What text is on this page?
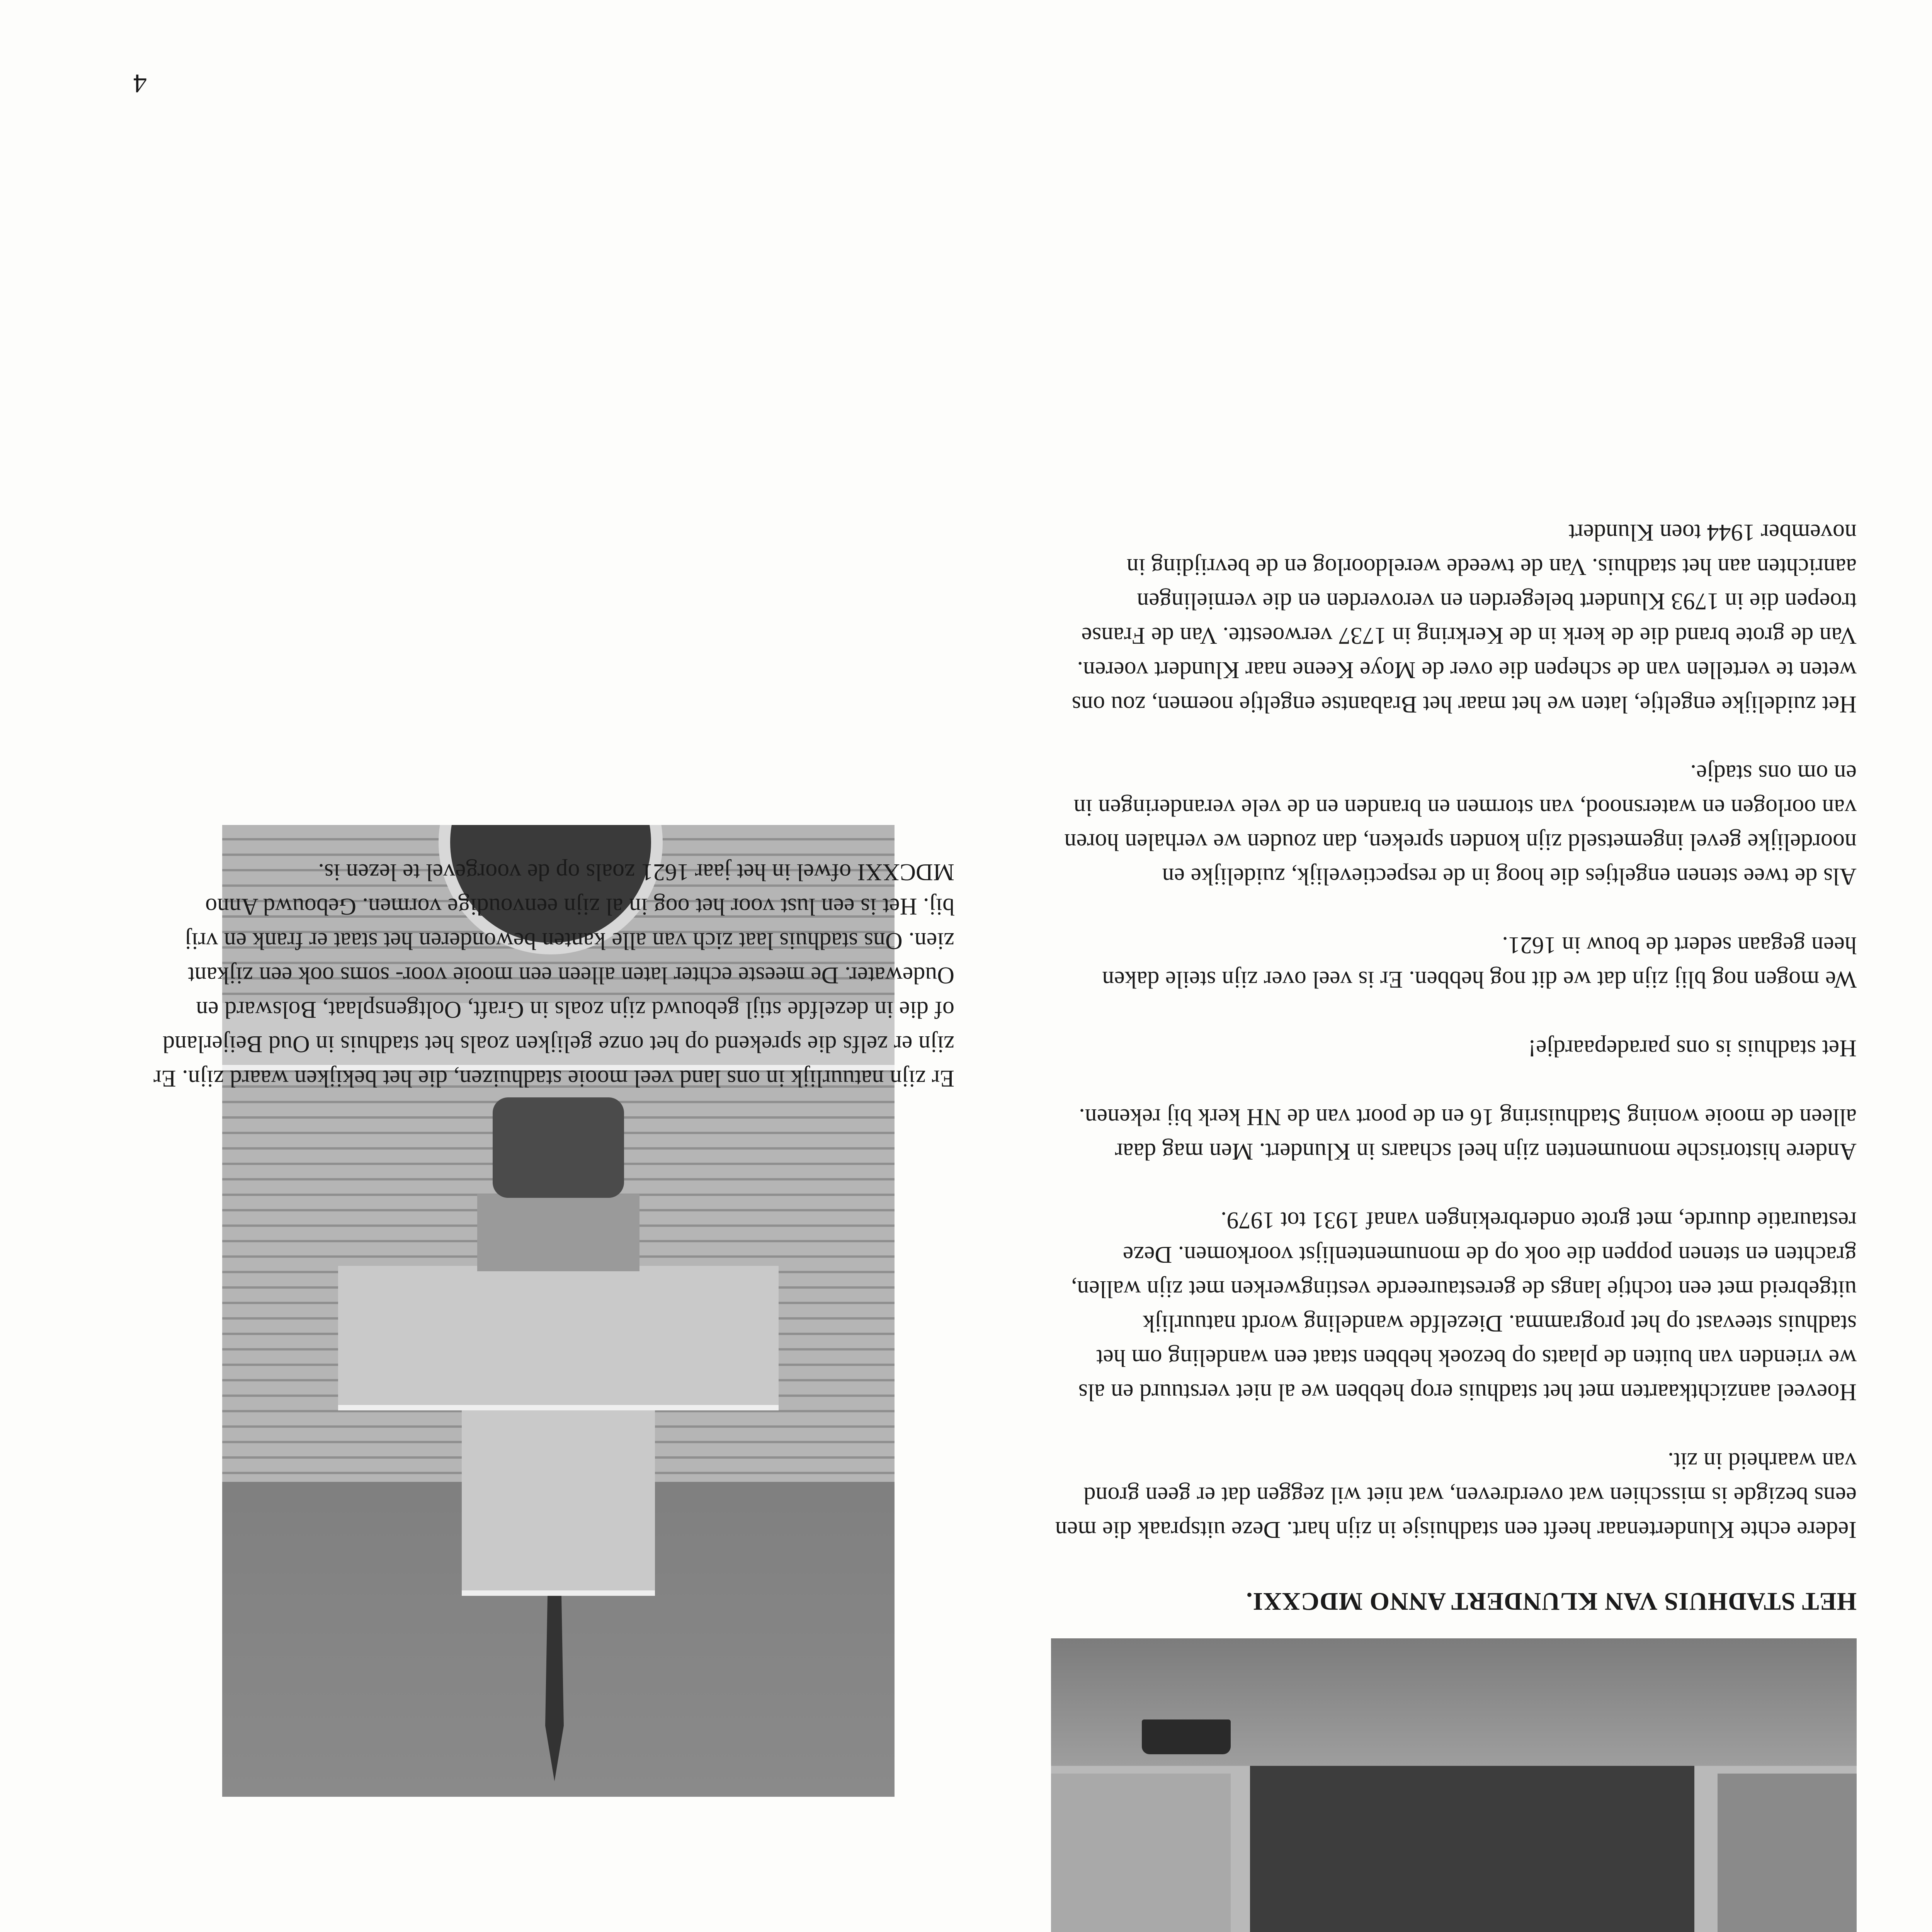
HET STADHUIS VAN KLUNDERT ANNO MDCXXI.

Iedere echte Klundertenaar heeft een stadhuisje in zijn hart. Deze uitspraak die men eens bezigde is misschien wat overdreven, wat niet wil zeggen dat er geen grond van waarheid in zit.

Hoeveel aanzichtkaarten met het stadhuis erop hebben we al niet verstuurd en als we vrienden van buiten de plaats op bezoek hebben staat een wandeling om het stadhuis steevast op het programma. Diezelfde wandeling wordt natuurlijk uitgebreid met een tochtje langs de gerestaureerde vestingwerken met zijn wallen, grachten en stenen poppen die ook op de monumentenlijst voorkomen. Deze restauratie duurde, met grote onderbrekingen vanaf 1931 tot 1979.

Andere historische monumenten zijn heel schaars in Klundert. Men mag daar alleen de mooie woning Stadhuisring 16 en de poort van de NH kerk bij rekenen.

Het stadhuis is ons paradepaardje!

We mogen nog blij zijn dat we dit nog hebben. Er is veel over zijn steile daken heen gegaan sedert de bouw in 1621.

Als de twee stenen engeltjes die hoog in de respectievelijk, zuidelijke en noordelijke gevel ingemetseld zijn konden spreken, dan zouden we verhalen horen van oorlogen en watersnood, van stormen en branden en de vele veranderingen in en om ons stadje.

Het zuidelijke engeltje, laten we het maar het Brabantse engeltje noemen, zou ons weten te vertellen van de schepen die over de Moye Keene naar Klundert voeren. Van de grote brand die de kerk in de Kerkring in 1737 verwoestte. Van de Franse troepen die in 1793 Klundert belegerden en veroverden en die vernielingen aanrichten aan het stadhuis. Van de tweede wereldoorlog en de bevrijding in november 1944 toen Klundert

Er zijn natuurlijk in ons land veel mooie stadhuizen, die het bekijken waard zijn. Er zijn er zelfs die sprekend op het onze gelijken zoals het stadhuis in Oud Beijerland of die in dezelfde stijl gebouwd zijn zoals in Graft, Ooltgensplaat, Bolsward en Oudewater. De meeste echter laten alleen een mooie voor- soms ook een zijkant zien. Ons stadhuis laat zich van alle kanten bewonderen het staat er frank en vrij bij. Het is een lust voor het oog in al zijn eenvoudige vormen. Gebouwd Anno MDCXXI ofwel in het jaar 1621 zoals op de voorgevel te lezen is.

4
